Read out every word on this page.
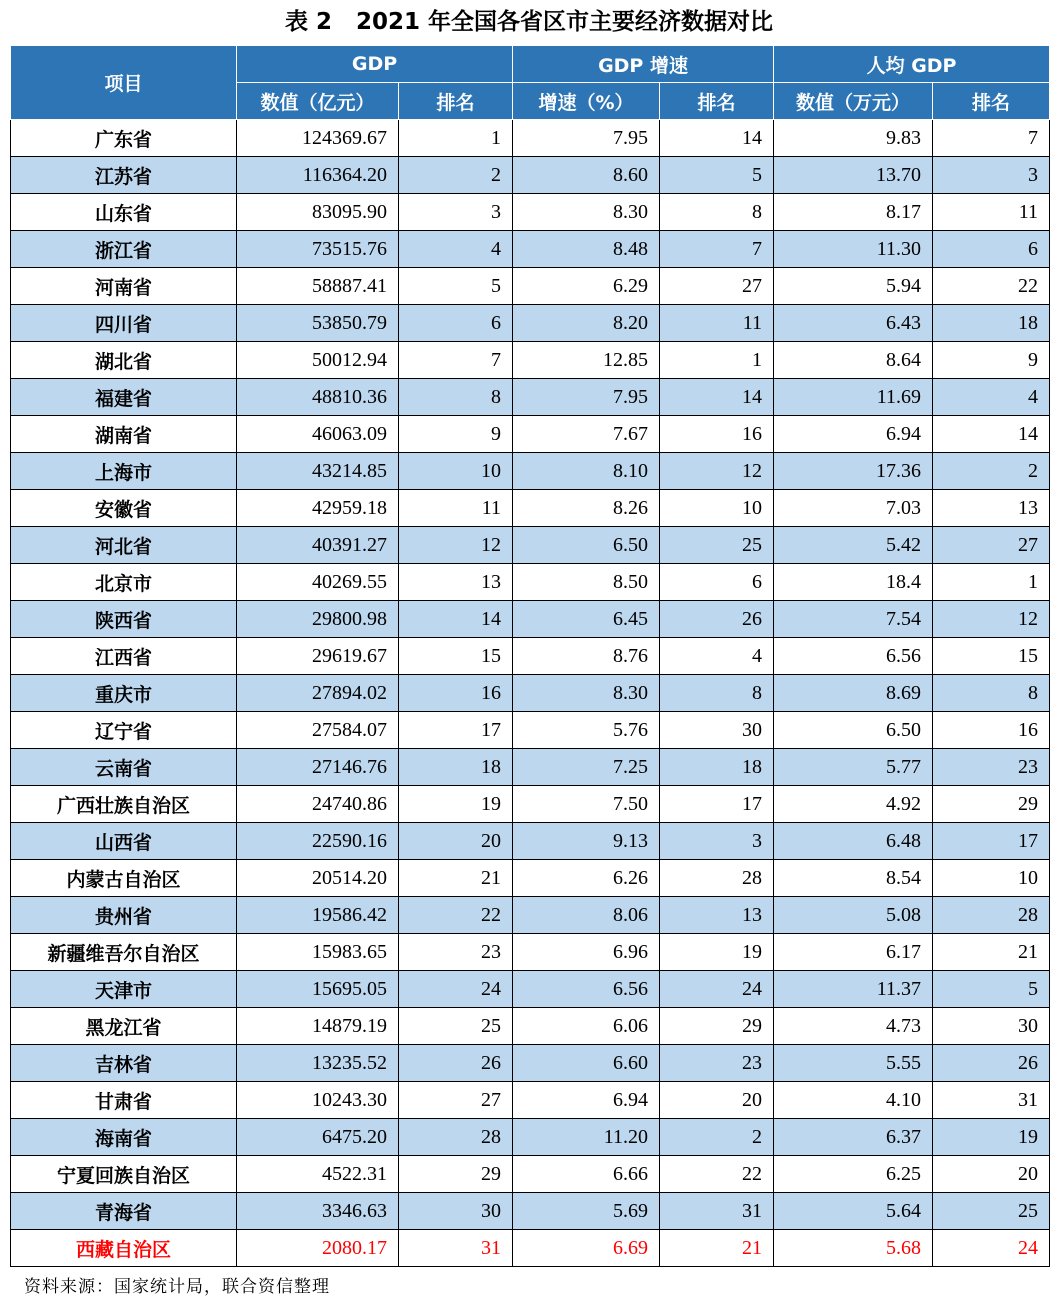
表 2 2021 年全国各省区市主要经济数据对比
项目	GDP		GDP 增速		人均 GDP	
	数值（亿元）	排名	增速（%）	排名	数值（万元）	排名
广东省	124369.67	1	7.95	14	9.83	7
江苏省	116364.20	2	8.60	5	13.70	3
山东省	83095.90	3	8.30	8	8.17	11
浙江省	73515.76	4	8.48	7	11.30	6
河南省	58887.41	5	6.29	27	5.94	22
四川省	53850.79	6	8.20	11	6.43	18
湖北省	50012.94	7	12.85	1	8.64	9
福建省	48810.36	8	7.95	14	11.69	4
湖南省	46063.09	9	7.67	16	6.94	14
上海市	43214.85	10	8.10	12	17.36	2
安徽省	42959.18	11	8.26	10	7.03	13
河北省	40391.27	12	6.50	25	5.42	27
北京市	40269.55	13	8.50	6	18.4	1
陕西省	29800.98	14	6.45	26	7.54	12
江西省	29619.67	15	8.76	4	6.56	15
重庆市	27894.02	16	8.30	8	8.69	8
辽宁省	27584.07	17	5.76	30	6.50	16
云南省	27146.76	18	7.25	18	5.77	23
广西壮族自治区	24740.86	19	7.50	17	4.92	29
山西省	22590.16	20	9.13	3	6.48	17
内蒙古自治区	20514.20	21	6.26	28	8.54	10
贵州省	19586.42	22	8.06	13	5.08	28
新疆维吾尔自治区	15983.65	23	6.96	19	6.17	21
天津市	15695.05	24	6.56	24	11.37	5
黑龙江省	14879.19	25	6.06	29	4.73	30
吉林省	13235.52	26	6.60	23	5.55	26
甘肃省	10243.30	27	6.94	20	4.10	31
海南省	6475.20	28	11.20	2	6.37	19
宁夏回族自治区	4522.31	29	6.66	22	6.25	20
青海省	3346.63	30	5.69	31	5.64	25
西藏自治区	2080.17	31	6.69	21	5.68	24
资料来源：国家统计局，联合资信整理
